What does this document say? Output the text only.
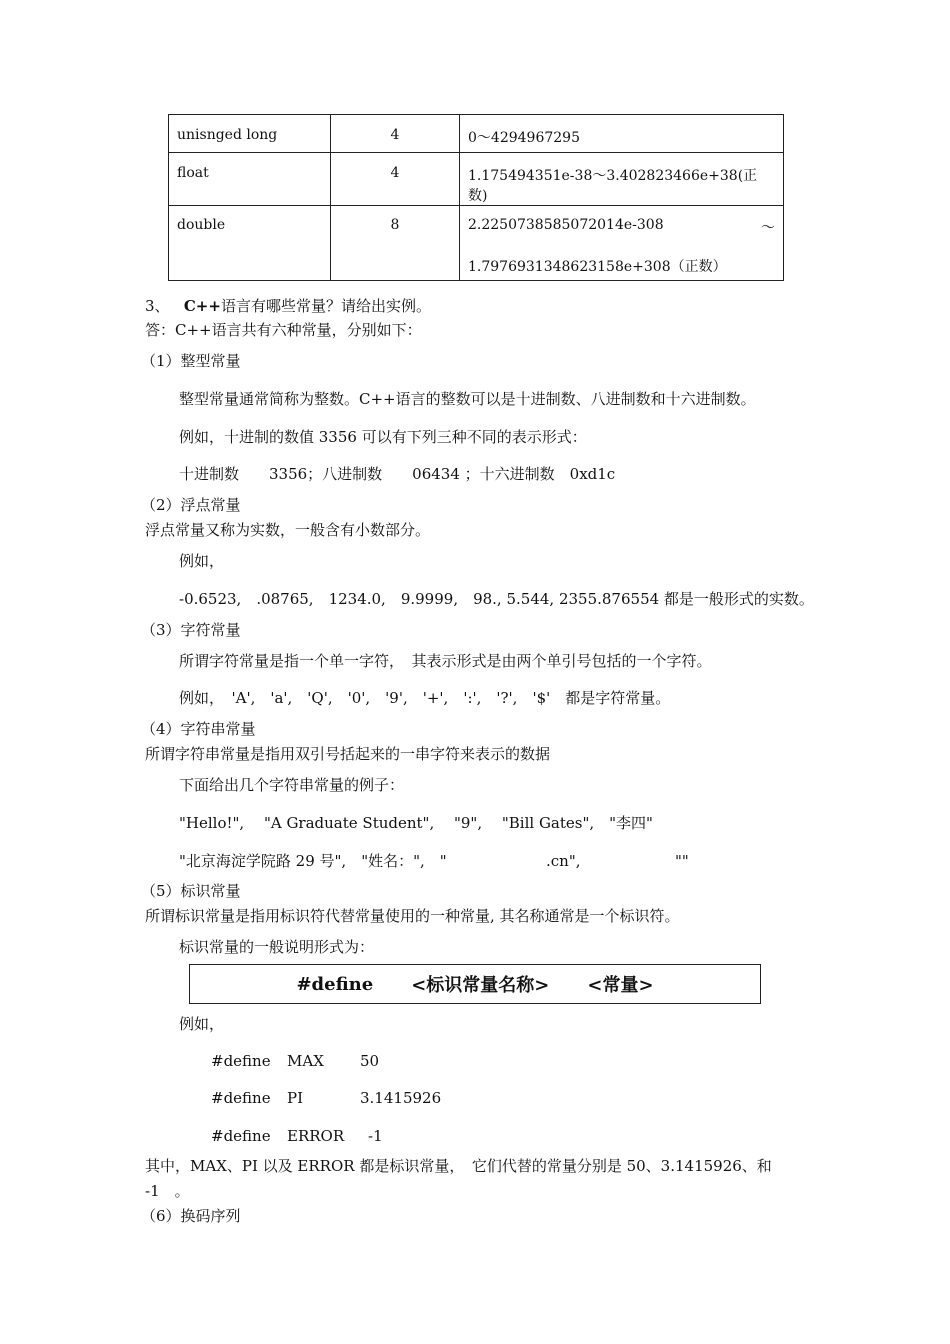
unisnged long	4	0～4294967295
float	4	1.175494351e-38～3.402823466e+38(正数)
double	8	2.2250738585072014e-308 ～
1.7976931348623158e+308（正数）
3、 C++语言有哪些常量？请给出实例。
答：C++语言共有六种常量，分别如下：
（1）整型常量
整型常量通常简称为整数。C++语言的整数可以是十进制数、八进制数和十六进制数。
例如，十进制的数值 3356 可以有下列三种不同的表示形式：
十进制数　　3356；八进制数　　06434 ；十六进制数　0xd1c
（2）浮点常量
浮点常量又称为实数，一般含有小数部分。
例如，
-0.6523,　.08765,　1234.0,　9.9999,　98., 5.544, 2355.876554 都是一般形式的实数。
（3）字符常量
所谓字符常量是指一个单一字符，　其表示形式是由两个单引号包括的一个字符。
例如，　'A',　'a',　'Q',　'0',　'9',　'+',　':',　'?',　'$'　都是字符常量。
（4）字符串常量
所谓字符串常量是指用双引号括起来的一串字符来表示的数据
下面给出几个字符串常量的例子：
"Hello!",　 "A Graduate Student",　 "9",　 "Bill Gates",　"李四"
"北京海淀学院路 29 号",　"姓名：",　"	.cn",	""
（5）标识常量
所谓标识常量是指用标识符代替常量使用的一种常量, 其名称通常是一个标识符。
标识常量的一般说明形式为：
#define <标识常量名称> <常量>
例如，
#define MAX 50
#define PI	3.1415926
#define ERROR -1
其中，MAX、PI 以及 ERROR 都是标识常量，　它们代替的常量分别是 50、3.1415926、和
-1　。
（6）换码序列
